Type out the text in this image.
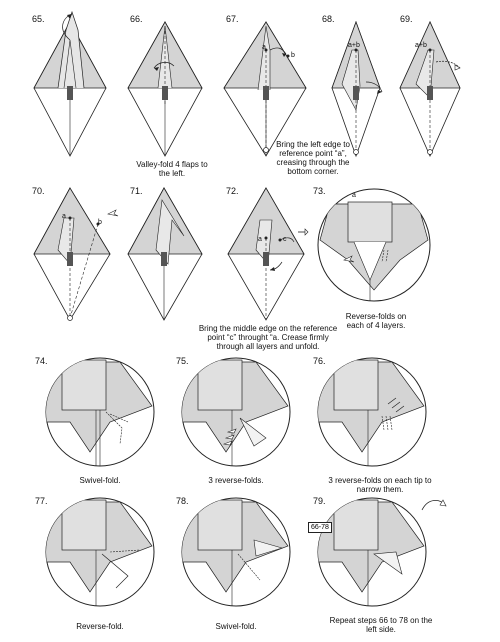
65.	66.	67.	68.	69.
70.	71.	72.	73.
74.	75.	76.
77.	78.	79.
a
b
a+b	a+b
Valley-fold 4 flaps to the left.
Bring the left edge to reference point “a”, creasing through the bottom corner.
a
b
a	c
a
Bring the middle edge on the reference point “c” throught “a. Crease firmly through all layers and unfold.
Reverse-folds on each of 4 layers.
Swivel-fold.	3 reverse-folds.	3 reverse-folds on each tip to narrow them.
66-78
Reverse-fold.	Swivel-fold.
Repeat steps 66 to 78 on the left side.
